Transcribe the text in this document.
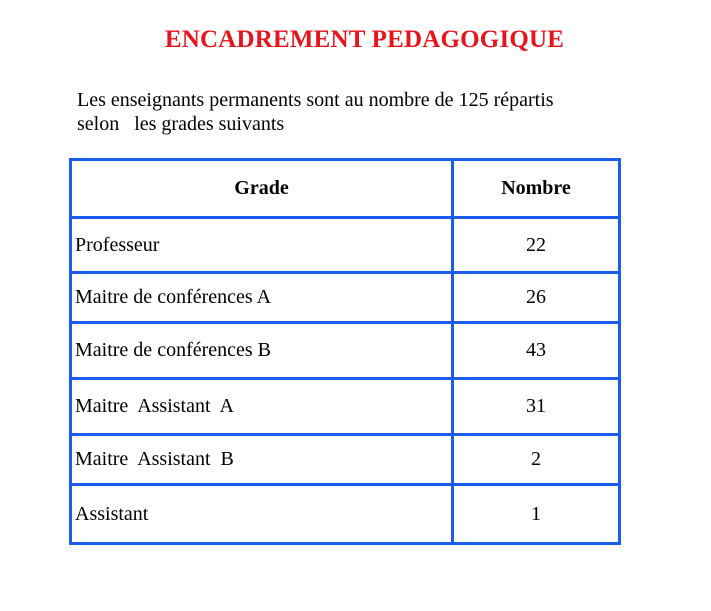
ENCADREMENT PEDAGOGIQUE
Les enseignants permanents sont au nombre de 125 répartis
selon   les grades suivants
Grade	Nombre
Professeur	22
Maitre de conférences A	26
Maitre de conférences B	43
Maitre  Assistant  A	31
Maitre  Assistant  B	2
Assistant	1
